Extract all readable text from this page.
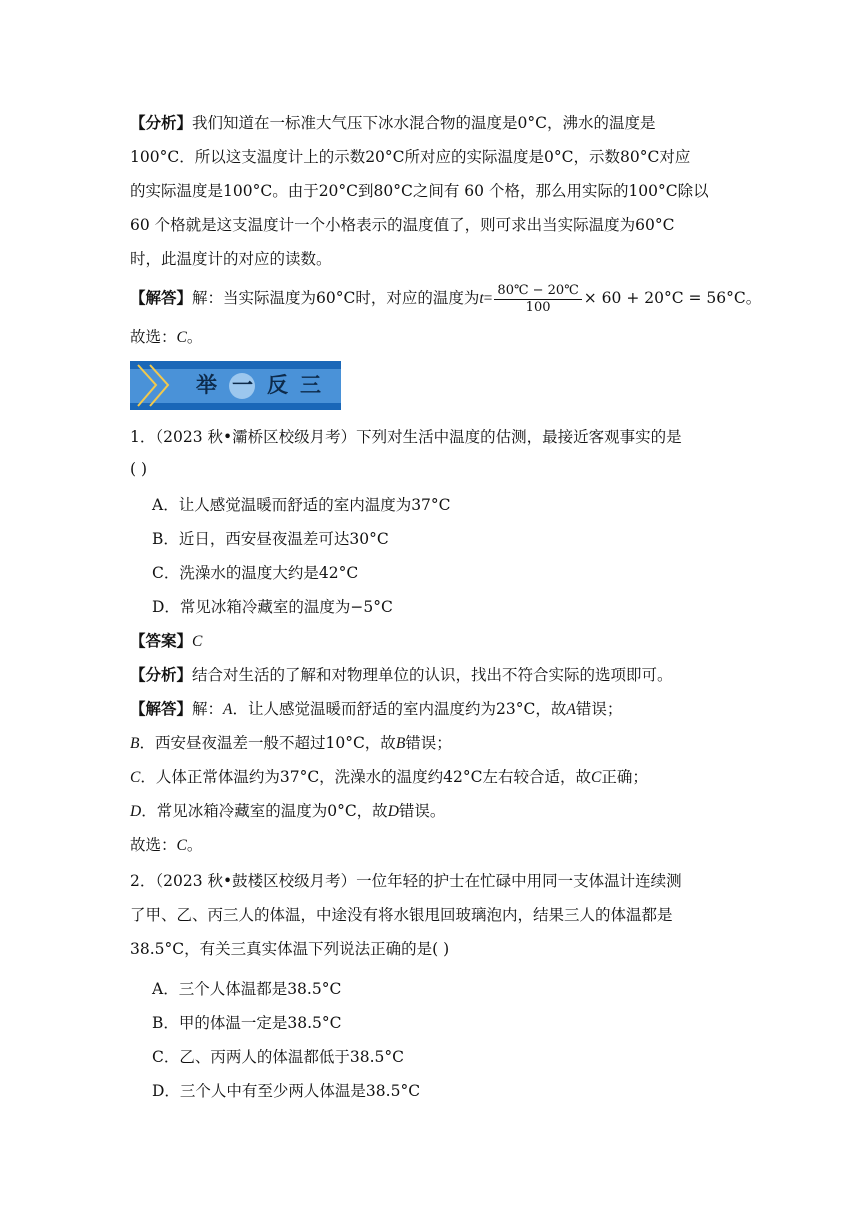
【分析】我们知道在一标准大气压下冰水混合物的温度是0°C，沸水的温度是
100°C．所以这支温度计上的示数20°C所对应的实际温度是0°C，示数80°C对应
的实际温度是100°C。由于20°C到80°C之间有 60 个格，那么用实际的100°C除以
60 个格就是这支温度计一个小格表示的温度值了，则可求出当实际温度为60°C
时，此温度计的对应的读数。
【解答】解：当实际温度为60°C时，对应的温度为$t= \frac{80℃ - 20℃}{100} \times 60 + 20^\circ C = 56^\circ C$。
故选：C。
举 一 反 三
1．（2023 秋•灞桥区校级月考）下列对生活中温度的估测，最接近客观事实的是
( )
A．让人感觉温暖而舒适的室内温度为37°C
B．近日，西安昼夜温差可达30°C
C．洗澡水的温度大约是42°C
D．常见冰箱冷藏室的温度为−5°C
【答案】C
【分析】结合对生活的了解和对物理单位的认识，找出不符合实际的选项即可。
【解答】解：A．让人感觉温暖而舒适的室内温度约为23°C，故A错误；
B．西安昼夜温差一般不超过10°C，故B错误；
C．人体正常体温约为37°C，洗澡水的温度约42°C左右较合适，故C正确；
D．常见冰箱冷藏室的温度为0°C，故D错误。
故选：C。
2．（2023 秋•鼓楼区校级月考）一位年轻的护士在忙碌中用同一支体温计连续测
了甲、乙、丙三人的体温，中途没有将水银甩回玻璃泡内，结果三人的体温都是
38.5°C，有关三真实体温下列说法正确的是( )
A．三个人体温都是38.5°C
B．甲的体温一定是38.5°C
C．乙、丙两人的体温都低于38.5°C
D．三个人中有至少两人体温是38.5°C
